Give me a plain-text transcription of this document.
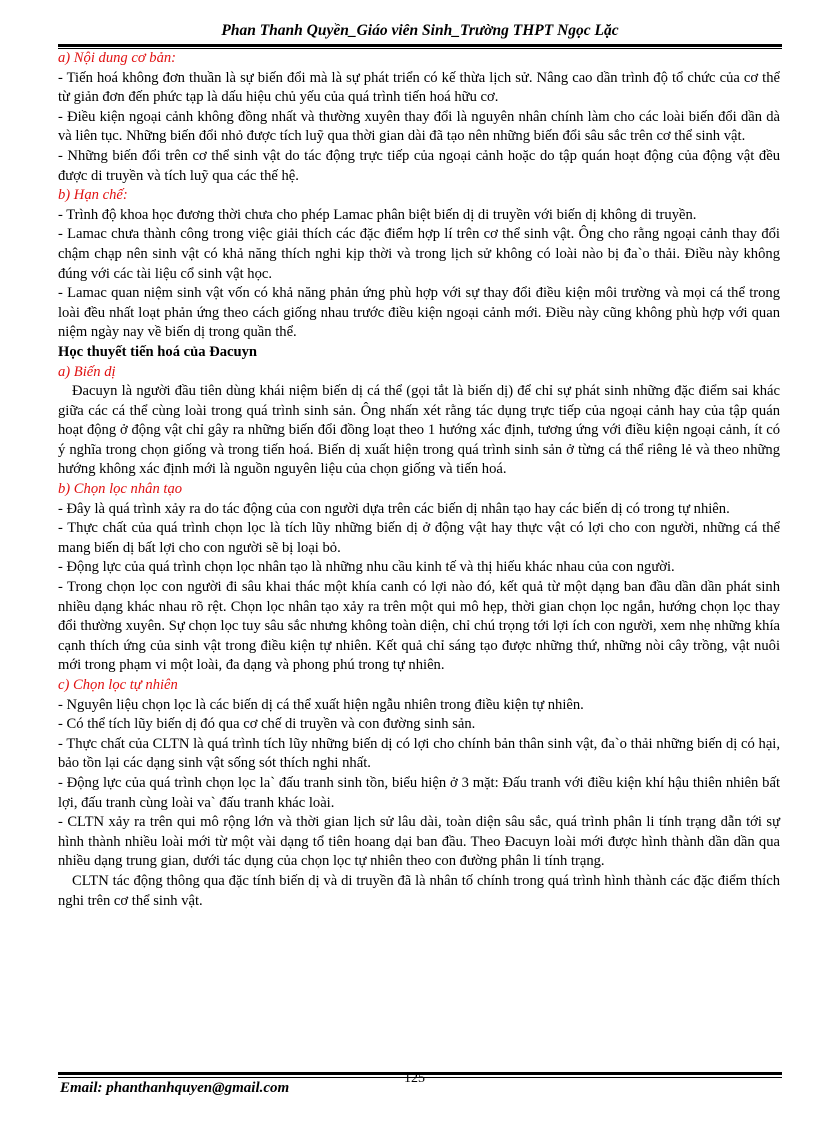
Phan Thanh Quyền_Giáo viên Sinh_Trường THPT Ngọc Lặc

a) Nội dung cơ bản:

- Tiến hoá không đơn thuần là sự biến đổi mà là sự phát triển có kế thừa lịch sử. Nâng cao dần trình độ tổ chức của cơ thể từ giản đơn đến phức tạp là dấu hiệu chủ yếu của quá trình tiến hoá hữu cơ.

- Điều kiện ngoại cảnh không đồng nhất và thường xuyên thay đổi là nguyên nhân chính làm cho các loài biến đổi dần dà và liên tục. Những biến đổi nhỏ được tích luỹ qua thời gian dài đã tạo nên những biến đổi sâu sắc trên cơ thể sinh vật.

- Những biến đổi trên cơ thể sinh vật do tác động trực tiếp của ngoại cảnh hoặc do tập quán hoạt động của động vật đều được di truyền và tích luỹ qua các thế hệ.

b) Hạn chế:

- Trình độ khoa học đương thời chưa cho phép Lamac phân biệt biến dị di truyền với biến dị không di truyền.

- Lamac chưa thành công trong việc giải thích các đặc điểm hợp lí trên cơ thể sinh vật. Ông cho rằng ngoại cảnh thay đổi chậm chạp nên sinh vật có khả năng thích nghi kịp thời và trong lịch sử không có loài nào bị đa`o thải. Điều này không đúng với các tài liệu cổ sinh vật học.

- Lamac quan niệm sinh vật vốn có khả năng phản ứng phù hợp với sự thay đổi điều kiện môi trường và mọi cá thể trong loài đều nhất loạt phản ứng theo cách giống nhau trước điều kiện ngoại cảnh mới. Điều này cũng không phù hợp với quan niệm ngày nay về biến dị trong quần thể.

Học thuyết tiến hoá của Đacuyn

a) Biến dị

Đacuyn là người đầu tiên dùng khái niệm biến dị cá thể (gọi tắt là biến dị) để chỉ sự phát sinh những đặc điểm sai khác giữa các cá thể cùng loài trong quá trình sinh sản. Ông nhấn xét rằng tác dụng trực tiếp của ngoại cảnh hay của tập quán hoạt động ở động vật chỉ gây ra những biến đổi đồng loạt theo 1 hướng xác định, tương ứng với điều kiện ngoại cảnh, ít có ý nghĩa trong chọn giống và trong tiến hoá. Biến dị xuất hiện trong quá trình sinh sản ở từng cá thể riêng lẻ và theo những hướng không xác định mới là nguồn nguyên liệu của chọn giống và tiến hoá.

b) Chọn lọc nhân tạo

- Đây là quá trình xảy ra do tác động của con người dựa trên các biến dị nhân tạo hay các biến dị có trong tự nhiên.

- Thực chất của quá trình chọn lọc là tích lũy những biến dị ở động vật hay thực vật có lợi cho con người, những cá thể mang biến dị bất lợi cho con người sẽ bị loại bỏ.

- Động lực của quá trình chọn lọc nhân tạo là những nhu cầu kinh tế và thị hiếu khác nhau của con người.

- Trong chọn lọc con người đi sâu khai thác một khía canh có lợi nào đó, kết quả từ một dạng ban đầu dần dần phát sinh nhiều dạng khác nhau rõ rệt. Chọn lọc nhân tạo xảy ra trên một qui mô hẹp, thời gian chọn lọc ngắn, hướng chọn lọc thay đổi thường xuyên. Sự chọn lọc tuy sâu sắc nhưng không toàn diện, chỉ chú trọng tới lợi ích con người, xem nhẹ những khía cạnh thích ứng của sinh vật trong điều kiện tự nhiên. Kết quả chỉ sáng tạo được những thứ, những nòi cây trồng, vật nuôi mới trong phạm vi một loài, đa dạng và phong phú trong tự nhiên.

c) Chọn lọc tự nhiên

- Nguyên liệu chọn lọc là các biến dị cá thể xuất hiện ngẫu nhiên trong điều kiện tự nhiên.

- Có thể tích lũy biến dị đó qua cơ chế di truyền và con đường sinh sản.

- Thực chất của CLTN là quá trình tích lũy những biến dị có lợi cho chính bản thân sinh vật, đa`o thải những biến dị có hại, bảo tồn lại các dạng sinh vật sống sót thích nghi nhất.

- Động lực của quá trình chọn lọc la` đấu tranh sinh tồn, biểu hiện ở 3 mặt: Đấu tranh với điều kiện khí hậu thiên nhiên bất lợi, đấu tranh cùng loài va` đấu tranh khác loài.

- CLTN xảy ra trên qui mô rộng lớn và thời gian lịch sử lâu dài, toàn diện sâu sắc, quá trình phân li tính trạng dẫn tới sự hình thành nhiều loài mới từ một vài dạng tổ tiên hoang dại ban đầu. Theo Đacuyn loài mới được hình thành dần dần qua nhiều dạng trung gian, dưới tác dụng của chọn lọc tự nhiên theo con đường phân li tính trạng.

CLTN tác động thông qua đặc tính biến dị và di truyền đã là nhân tố chính trong quá trình hình thành các đặc điểm thích nghi trên cơ thể sinh vật.

125
Email: phanthanhquyen@gmail.com
